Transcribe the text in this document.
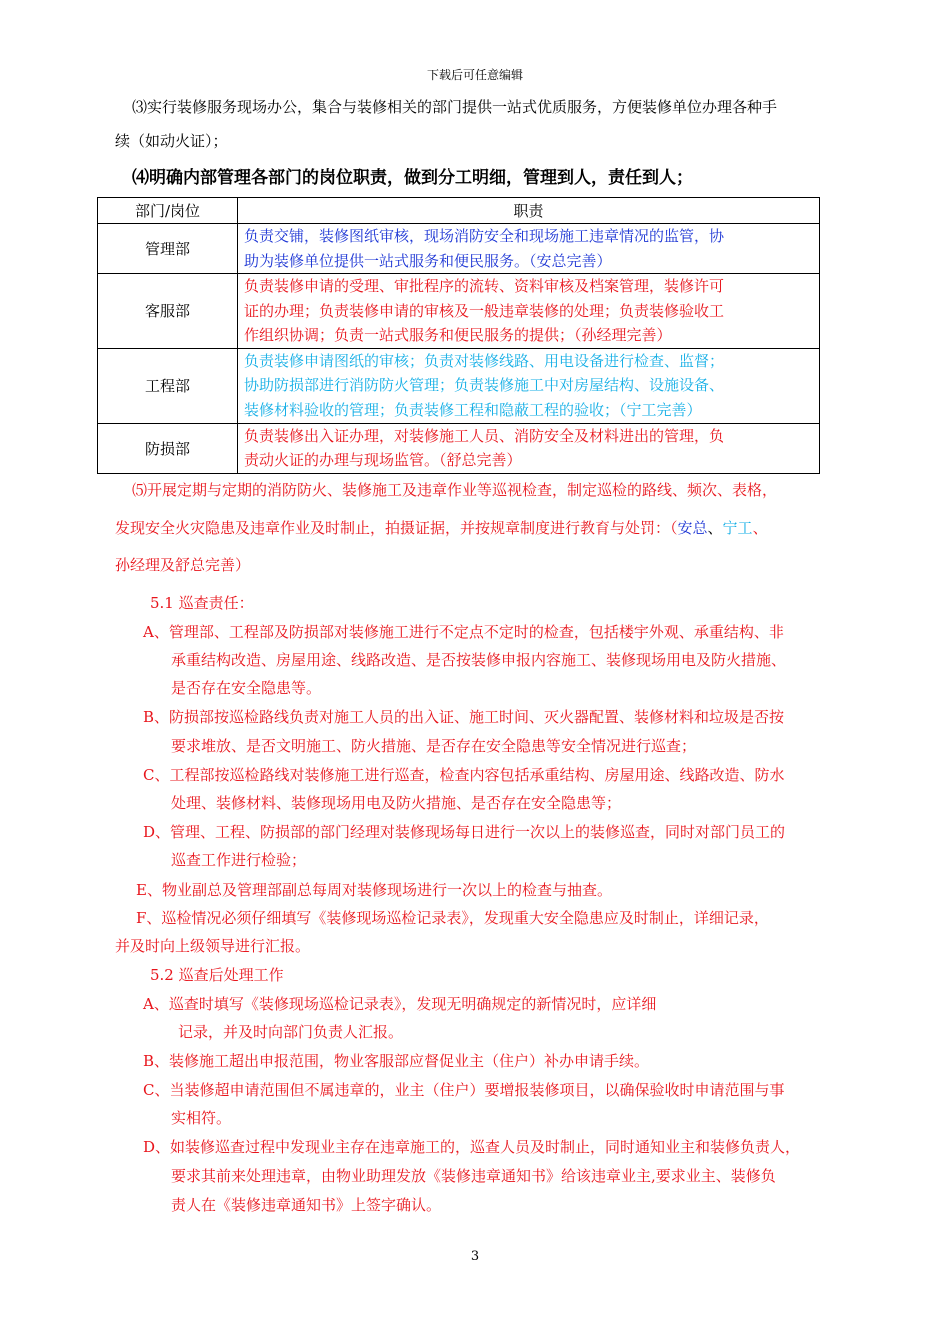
下载后可任意编辑
⑶实行装修服务现场办公，集合与装修相关的部门提供一站式优质服务，方便装修单位办理各种手
续（如动火证）；
⑷明确内部管理各部门的岗位职责，做到分工明细，管理到人，责任到人；
部门/岗位	职责
管理部	负责交铺，装修图纸审核，现场消防安全和现场施工违章情况的监管，协
助为装修单位提供一站式服务和便民服务。（安总完善）

客服部	负责装修申请的受理、审批程序的流转、资料审核及档案管理，装修许可
证的办理；负责装修申请的审核及一般违章装修的处理；负责装修验收工
作组织协调；负责一站式服务和便民服务的提供；（孙经理完善）

工程部	负责装修申请图纸的审核；负责对装修线路、用电设备进行检查、监督；
协助防损部进行消防防火管理；负责装修施工中对房屋结构、设施设备、
装修材料验收的管理；负责装修工程和隐蔽工程的验收；（宁工完善）

防损部	负责装修出入证办理，对装修施工人员、消防安全及材料进出的管理，负
责动火证的办理与现场监管。（舒总完善）
⑸开展定期与定期的消防防火、装修施工及违章作业等巡视检查，制定巡检的路线、频次、表格，
发现安全火灾隐患及违章作业及时制止，拍摄证据，并按规章制度进行教育与处罚：（安总、宁工、
孙经理及舒总完善）
5.1 巡查责任：
A、管理部、工程部及防损部对装修施工进行不定点不定时的检查，包括楼宇外观、承重结构、非
承重结构改造、房屋用途、线路改造、是否按装修申报内容施工、装修现场用电及防火措施、
是否存在安全隐患等。
B、防损部按巡检路线负责对施工人员的出入证、施工时间、灭火器配置、装修材料和垃圾是否按
要求堆放、是否文明施工、防火措施、是否存在安全隐患等安全情况进行巡查；
C、工程部按巡检路线对装修施工进行巡查，检查内容包括承重结构、房屋用途、线路改造、防水
处理、装修材料、装修现场用电及防火措施、是否存在安全隐患等；
D、管理、工程、防损部的部门经理对装修现场每日进行一次以上的装修巡查，同时对部门员工的
巡查工作进行检验；
E、物业副总及管理部副总每周对装修现场进行一次以上的检查与抽查。
F、巡检情况必须仔细填写《装修现场巡检记录表》，发现重大安全隐患应及时制止，详细记录，
并及时向上级领导进行汇报。
5.2 巡查后处理工作
A、巡查时填写《装修现场巡检记录表》，发现无明确规定的新情况时，应详细
记录，并及时向部门负责人汇报。
B、装修施工超出申报范围，物业客服部应督促业主（住户）补办申请手续。
C、当装修超申请范围但不属违章的，业主（住户）要增报装修项目，以确保验收时申请范围与事
实相符。
D、如装修巡查过程中发现业主存在违章施工的，巡查人员及时制止，同时通知业主和装修负责人，
要求其前来处理违章，由物业助理发放《装修违章通知书》给该违章业主,要求业主、装修负
责人在《装修违章通知书》上签字确认。
3
